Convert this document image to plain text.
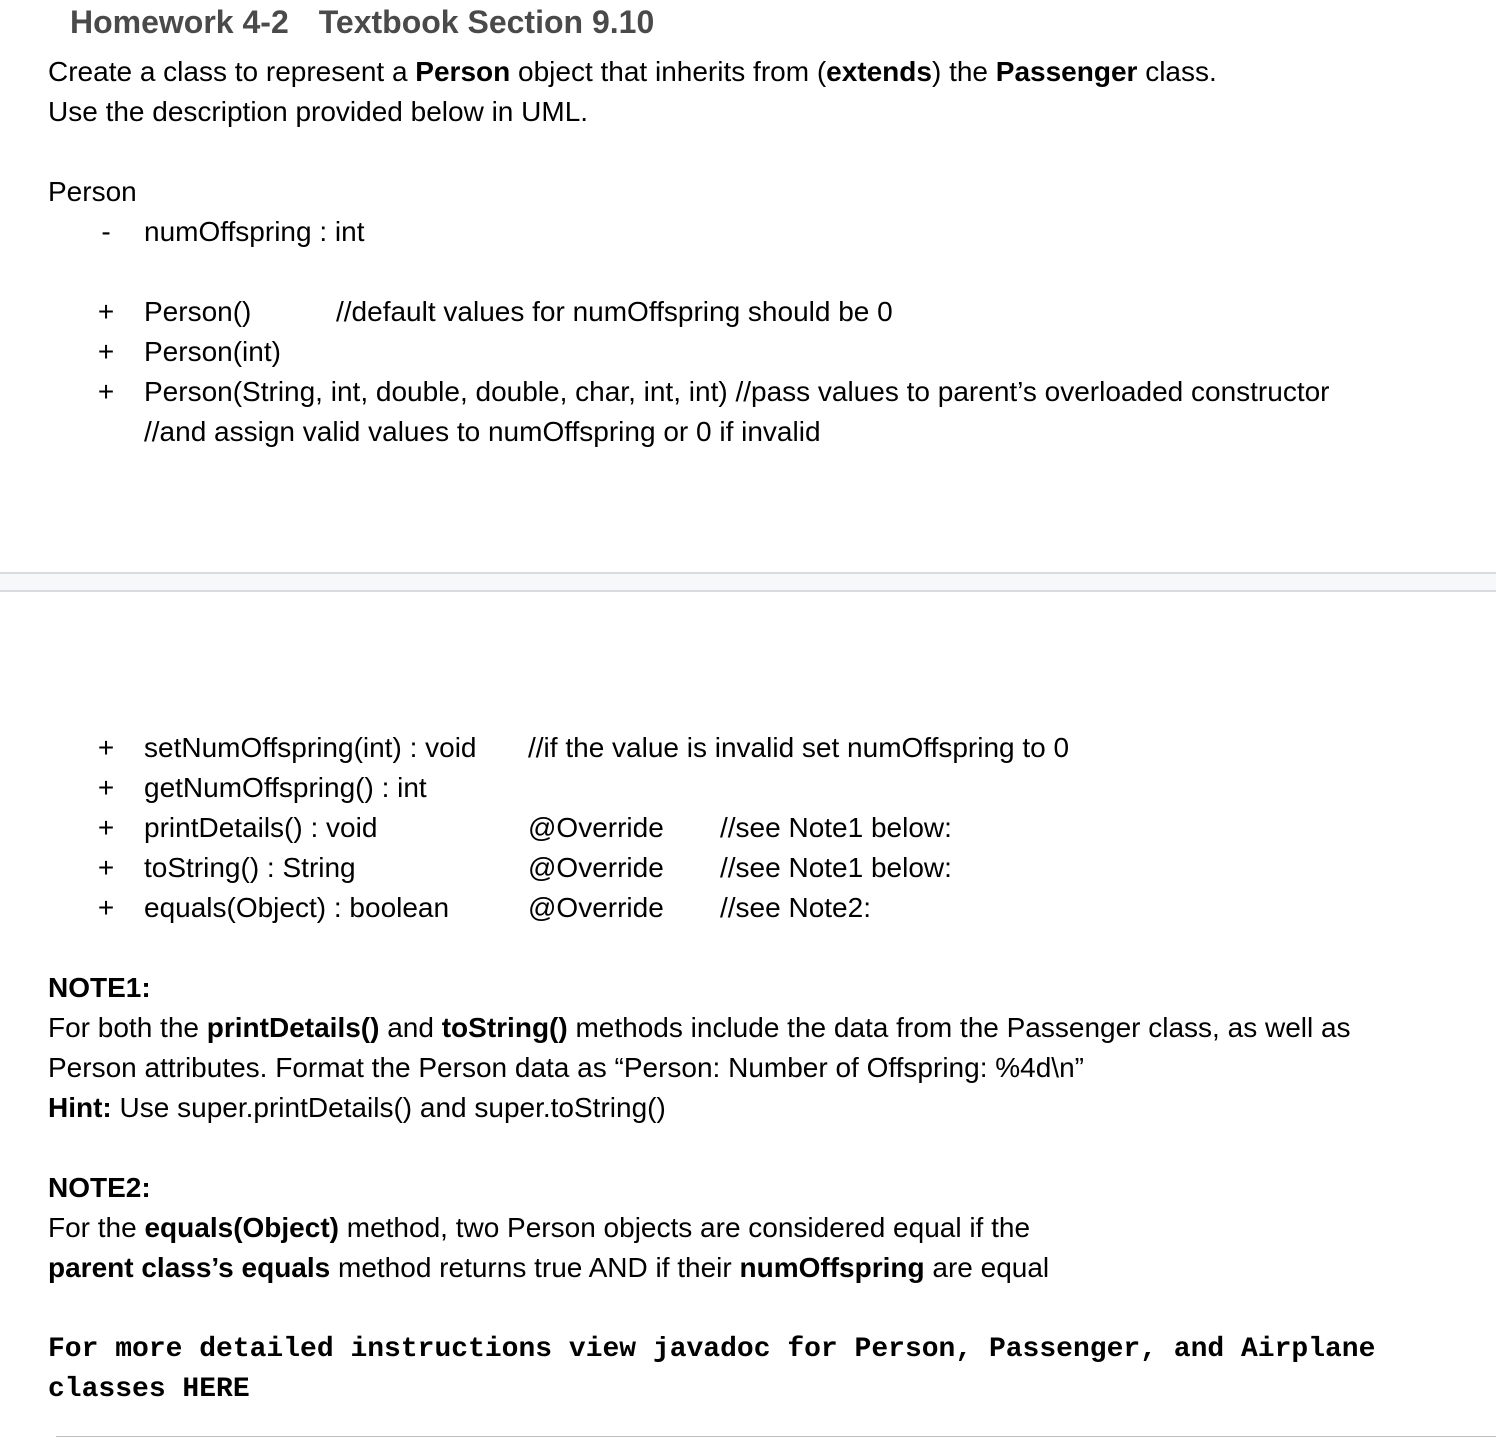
Homework 4-2 Textbook Section 9.10
Create a class to represent a Person object that inherits from (extends) the Passenger class.
Use the description provided below in UML.
Person
- numOffspring : int
+ Person()	//default values for numOffspring should be 0
+ Person(int)
+ Person(String, int, double, double, char, int, int) //pass values to parent’s overloaded constructor
//and assign valid values to numOffspring or 0 if invalid
+ setNumOffspring(int) : void //if the value is invalid set numOffspring to 0
+ getNumOffspring() : int
+ printDetails() : void	@Override //see Note1 below:
+ toString() : String	@Override //see Note1 below:
+ equals(Object) : boolean	@Override //see Note2:
NOTE1:
For both the printDetails() and toString() methods include the data from the Passenger class, as well as
Person attributes. Format the Person data as “Person: Number of Offspring: %4d\n”
Hint: Use super.printDetails() and super.toString()
NOTE2:
For the equals(Object) method, two Person objects are considered equal if the
parent class’s equals method returns true AND if their numOffspring are equal
For more detailed instructions view javadoc for Person, Passenger, and Airplane
classes HERE
